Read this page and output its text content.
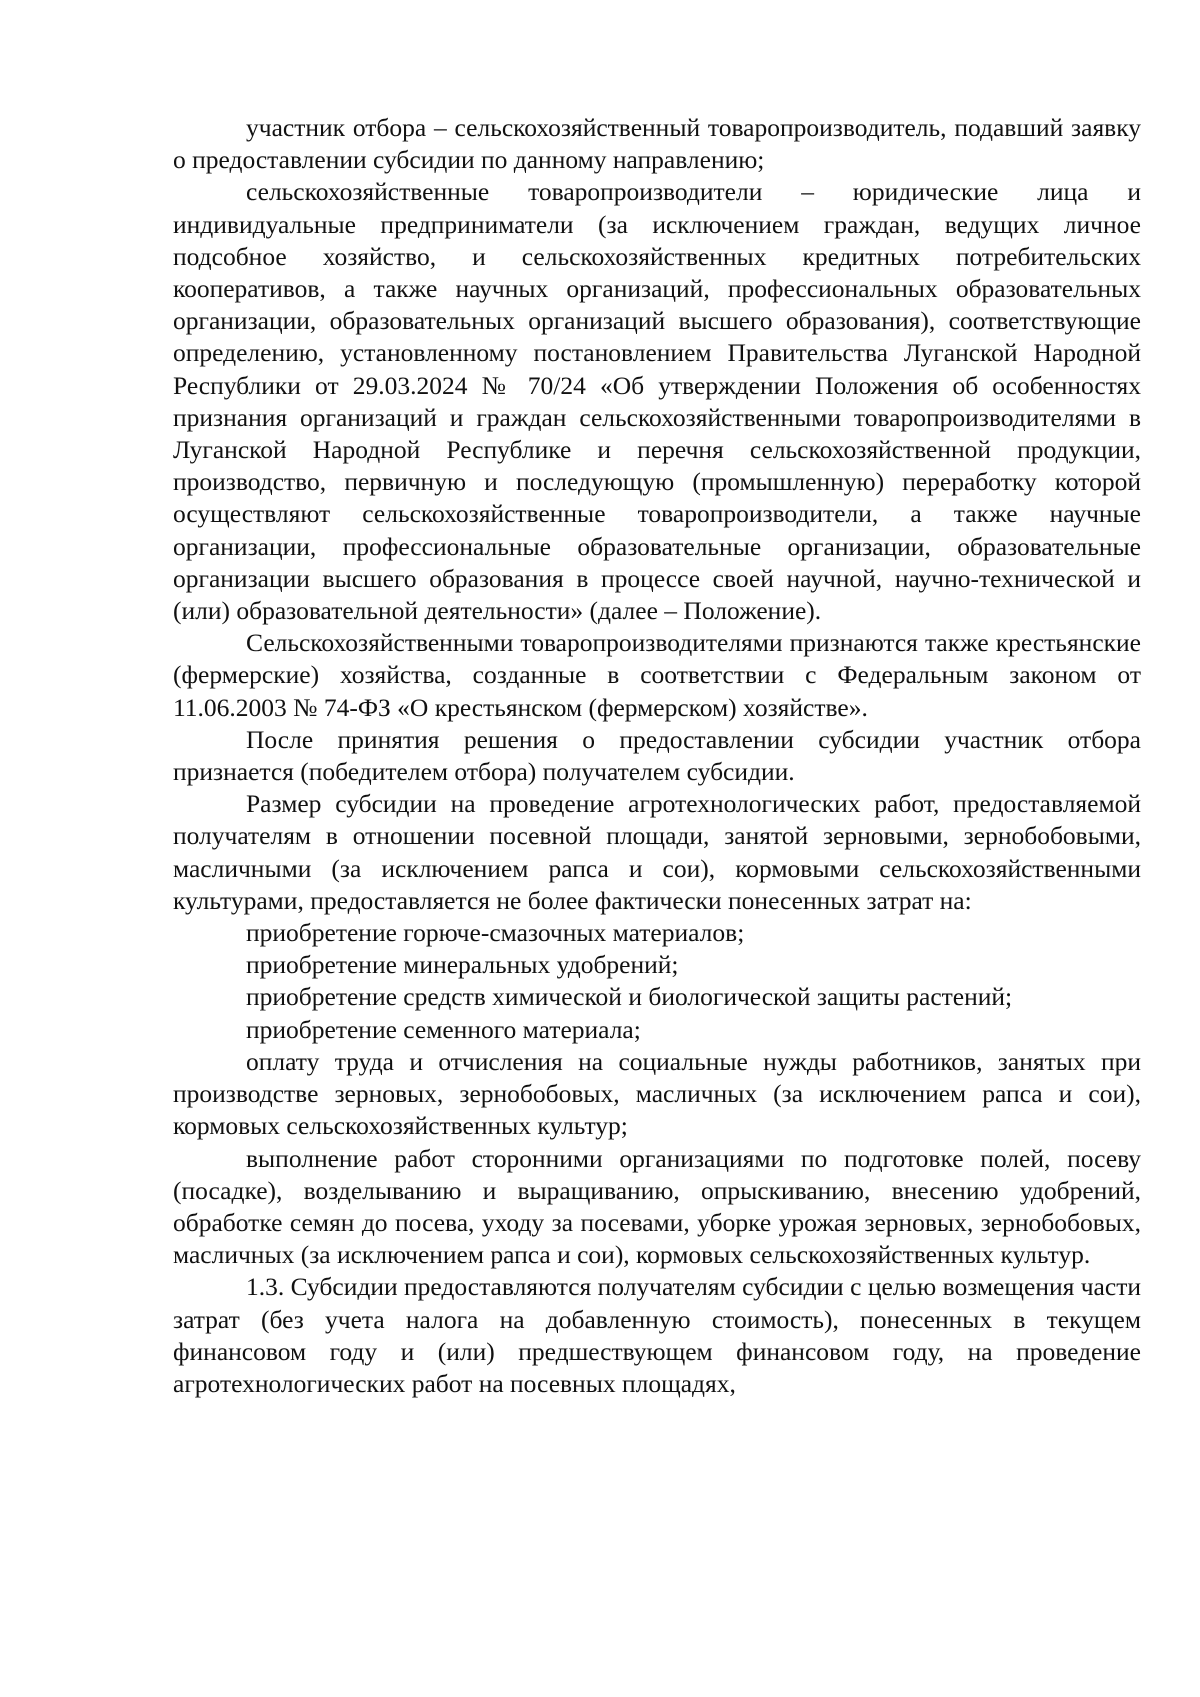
участник отбора – сельскохозяйственный товаропроизводитель, подавший заявку о предоставлении субсидии по данному направлению;

сельскохозяйственные товаропроизводители – юридические лица и индивидуальные предприниматели (за исключением граждан, ведущих личное подсобное хозяйство, и сельскохозяйственных кредитных потребительских кооперативов, а также научных организаций, профессиональных образовательных организации, образовательных организаций высшего образования), соответствующие определению, установленному постановлением Правительства Луганской Народной Республики от 29.03.2024 № 70/24 «Об утверждении Положения об особенностях признания организаций и граждан сельскохозяйственными товаропроизводителями в Луганской Народной Республике и перечня сельскохозяйственной продукции, производство, первичную и последующую (промышленную) переработку которой осуществляют сельскохозяйственные товаропроизводители, а также научные организации, профессиональные образовательные организации, образовательные организации высшего образования в процессе своей научной, научно-технической и (или) образовательной деятельности» (далее – Положение).

Сельскохозяйственными товаропроизводителями признаются также крестьянские (фермерские) хозяйства, созданные в соответствии с Федеральным законом от 11.06.2003 № 74-ФЗ «О крестьянском (фермерском) хозяйстве».

После принятия решения о предоставлении субсидии участник отбора признается (победителем отбора) получателем субсидии.

Размер субсидии на проведение агротехнологических работ, предоставляемой получателям в отношении посевной площади, занятой зерновыми, зернобобовыми, масличными (за исключением рапса и сои), кормовыми сельскохозяйственными культурами, предоставляется не более фактически понесенных затрат на:

приобретение горюче-смазочных материалов;

приобретение минеральных удобрений;

приобретение средств химической и биологической защиты растений;

приобретение семенного материала;

оплату труда и отчисления на социальные нужды работников, занятых при производстве зерновых, зернобобовых, масличных (за исключением рапса и сои), кормовых сельскохозяйственных культур;

выполнение работ сторонними организациями по подготовке полей, посеву (посадке), возделыванию и выращиванию, опрыскиванию, внесению удобрений, обработке семян до посева, уходу за посевами, уборке урожая зерновых, зернобобовых, масличных (за исключением рапса и сои), кормовых сельскохозяйственных культур.

1.3. Субсидии предоставляются получателям субсидии с целью возмещения части затрат (без учета налога на добавленную стоимость), понесенных в текущем финансовом году и (или) предшествующем финансовом году, на проведение агротехнологических работ на посевных площадях,
